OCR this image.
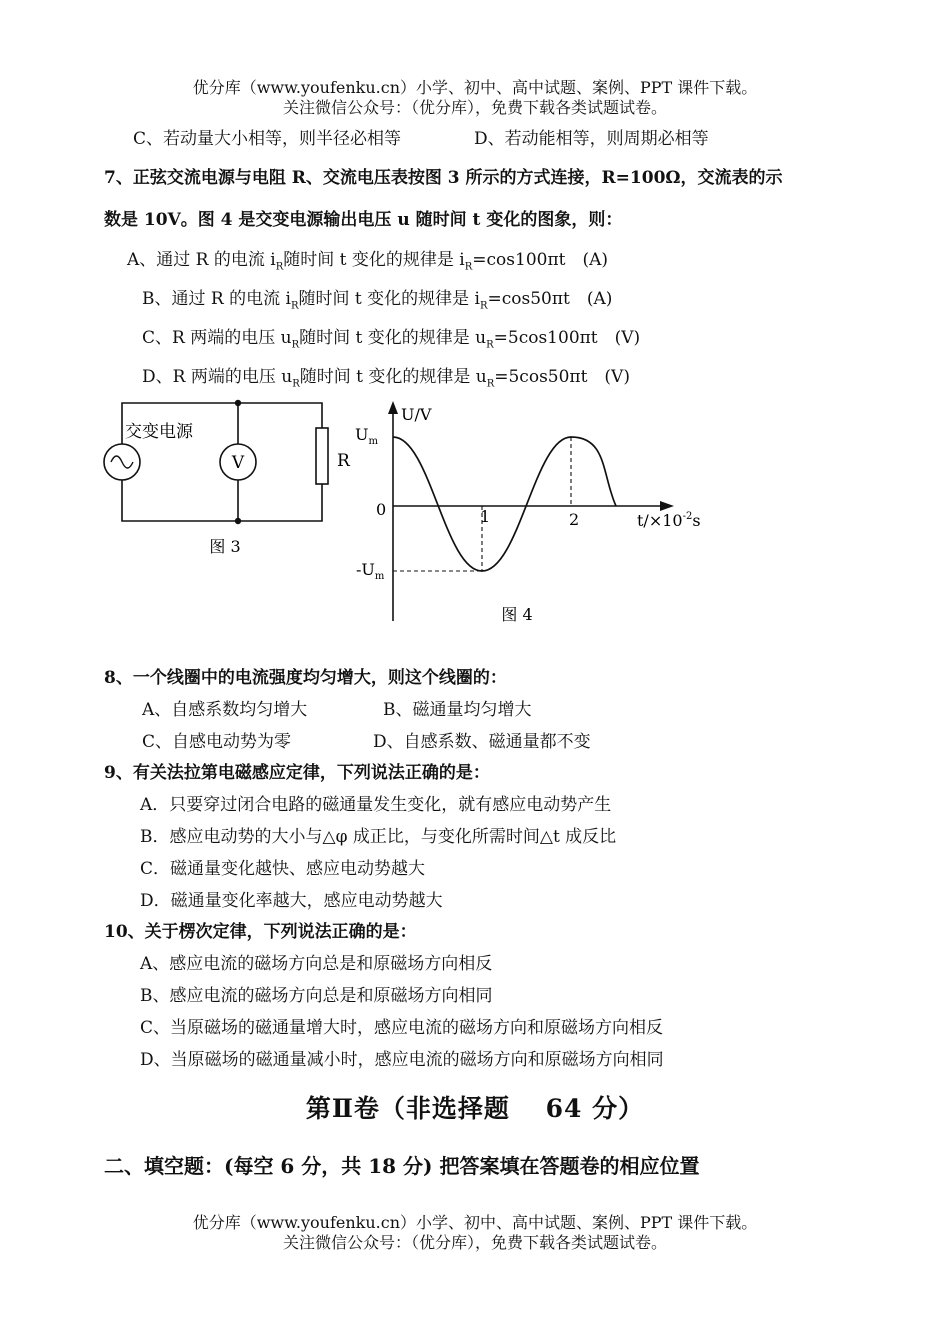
优分库（www.youfenku.cn）小学、初中、高中试题、案例、PPT 课件下载。
关注微信公众号：（优分库），免费下载各类试题试卷。
C、若动量大小相等，则半径必相等	D、若动能相等，则周期必相等
7、正弦交流电源与电阻 R、交流电压表按图 3 所示的方式连接，R=100Ω，交流表的示
数是 10V。图 4 是交变电源输出电压 u 随时间 t 变化的图象，则：
A、通过 R 的电流 $i_R$随时间 t 变化的规律是 $i_R=\cos 100\pi t$　(A)
B、通过 R 的电流 $i_R$随时间 t 变化的规律是 $i_R=\cos 50\pi t$　(A)
C、R 两端的电压 $u_R$随时间 t 变化的规律是 $u_R=5\cos 100\pi t$　(V)
D、R 两端的电压 $u_R$随时间 t 变化的规律是 $u_R=5\cos 50\pi t$　(V)
V	R
交变电源
图 3
U/V
$U_m$
$-U_m$
0	1	2	$t/\times 10^{-2}s$
图 4
8、一个线圈中的电流强度均匀增大，则这个线圈的：
A、自感系数均匀增大	B、磁通量均匀增大
C、自感电动势为零	D、自感系数、磁通量都不变
9、有关法拉第电磁感应定律，下列说法正确的是：
A．只要穿过闭合电路的磁通量发生变化，就有感应电动势产生
B．感应电动势的大小与△φ 成正比，与变化所需时间△t 成反比
C．磁通量变化越快、感应电动势越大
D．磁通量变化率越大，感应电动势越大
10、关于楞次定律，下列说法正确的是：
A、感应电流的磁场方向总是和原磁场方向相反
B、感应电流的磁场方向总是和原磁场方向相同
C、当原磁场的磁通量增大时，感应电流的磁场方向和原磁场方向相反
D、当原磁场的磁通量减小时，感应电流的磁场方向和原磁场方向相同
第Ⅱ卷（非选择题　 64 分）
二、填空题：(每空 6 分，共 18 分) 把答案填在答题卷的相应位置
优分库（www.youfenku.cn）小学、初中、高中试题、案例、PPT 课件下载。
关注微信公众号：（优分库），免费下载各类试题试卷。
